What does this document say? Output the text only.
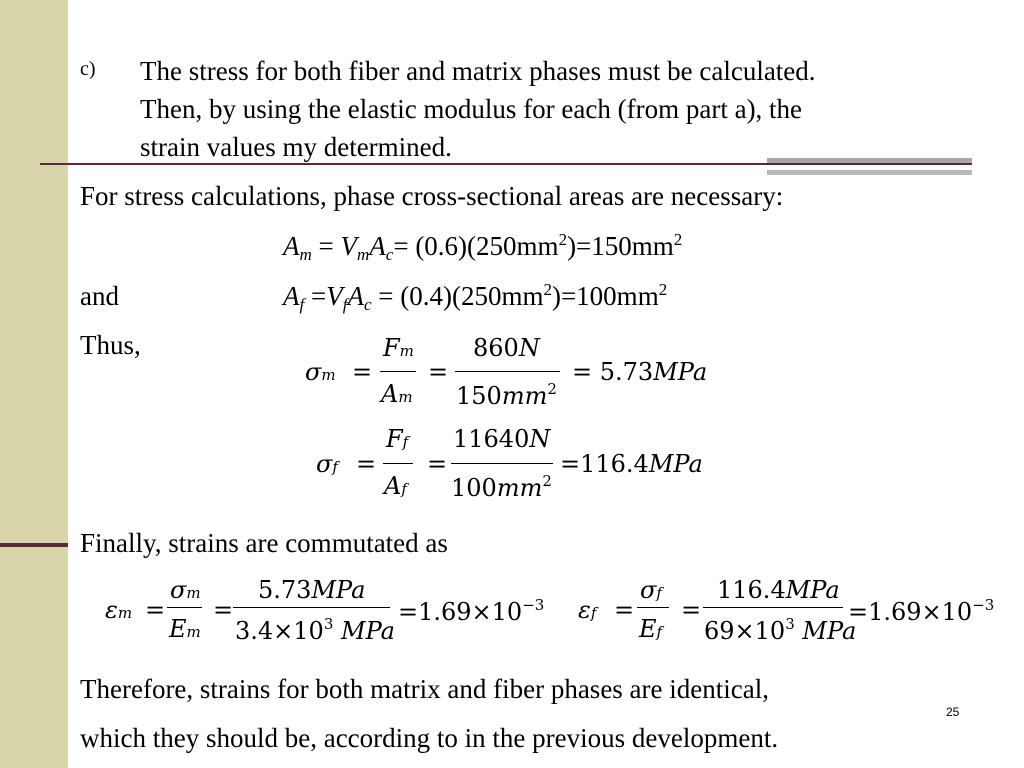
c) The stress for both fiber and matrix phases must be calculated.
Then, by using the elastic modulus for each (from part a), the
strain values my determined.
For stress calculations, phase cross-sectional areas are necessary:
$A_m = V_mA_c= (0.6)(250mm^2)=150mm^2$
and	$A_f =V_fA_c = (0.4)(250mm^2)=100mm^2$
Thus,
σm =
Fm
Am
=
860N
$150mm^2$
= 5.73MPa
σf =
Ff
Af
=
11640N
$100mm^2$
=116.4MPa
Finally, strains are commutated as
εm =
σm
Em
=
5.73MPa
$3.4\times 10^3$ MPa
$=1.69\times 10^{-3}$ εf =
σf
Ef
=
116.4MPa
$69\times 10^3$ MPa
$=1.69\times 10^{-3}$
Therefore, strains for both matrix and fiber phases are identical,
which they should be, according to in the previous development.
25
